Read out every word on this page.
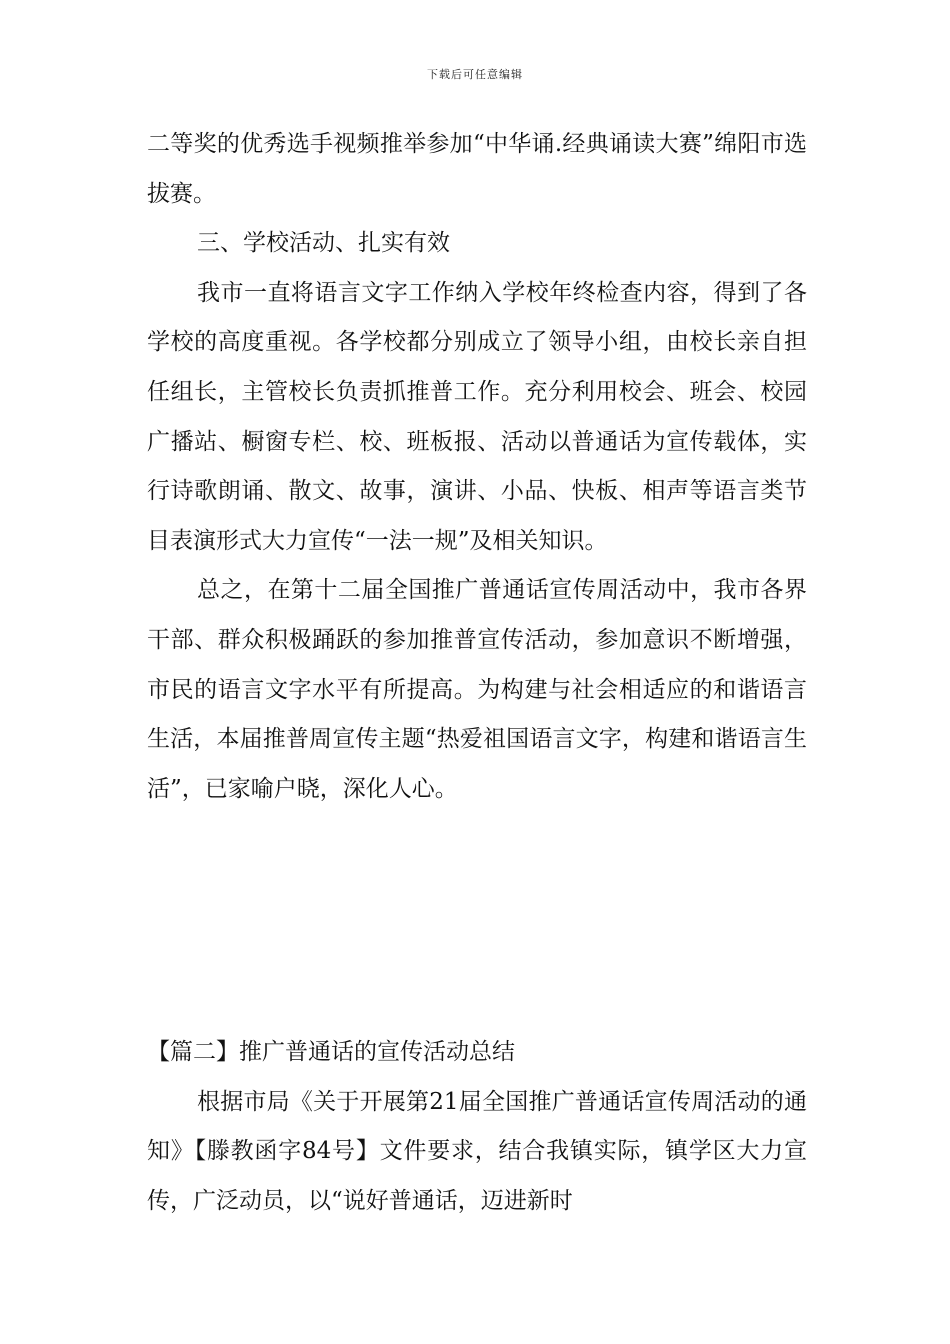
下载后可任意编辑

二等奖的优秀选手视频推举参加“中华诵.经典诵读大赛”绵阳市选拔赛。

三、学校活动、扎实有效

我市一直将语言文字工作纳入学校年终检查内容，得到了各学校的高度重视。各学校都分别成立了领导小组，由校长亲自担任组长，主管校长负责抓推普工作。充分利用校会、班会、校园广播站、橱窗专栏、校、班板报、活动以普通话为宣传载体，实行诗歌朗诵、散文、故事，演讲、小品、快板、相声等语言类节目表演形式大力宣传“一法一规”及相关知识。

总之，在第十二届全国推广普通话宣传周活动中，我市各界干部、群众积极踊跃的参加推普宣传活动，参加意识不断增强，市民的语言文字水平有所提高。为构建与社会相适应的和谐语言生活，本届推普周宣传主题“热爱祖国语言文字，构建和谐语言生活”，已家喻户晓，深化人心。

【篇二】推广普通话的宣传活动总结

根据市局《关于开展第21届全国推广普通话宣传周活动的通知》【滕教函字84号】文件要求，结合我镇实际，镇学区大力宣传，广泛动员，以“说好普通话，迈进新时
